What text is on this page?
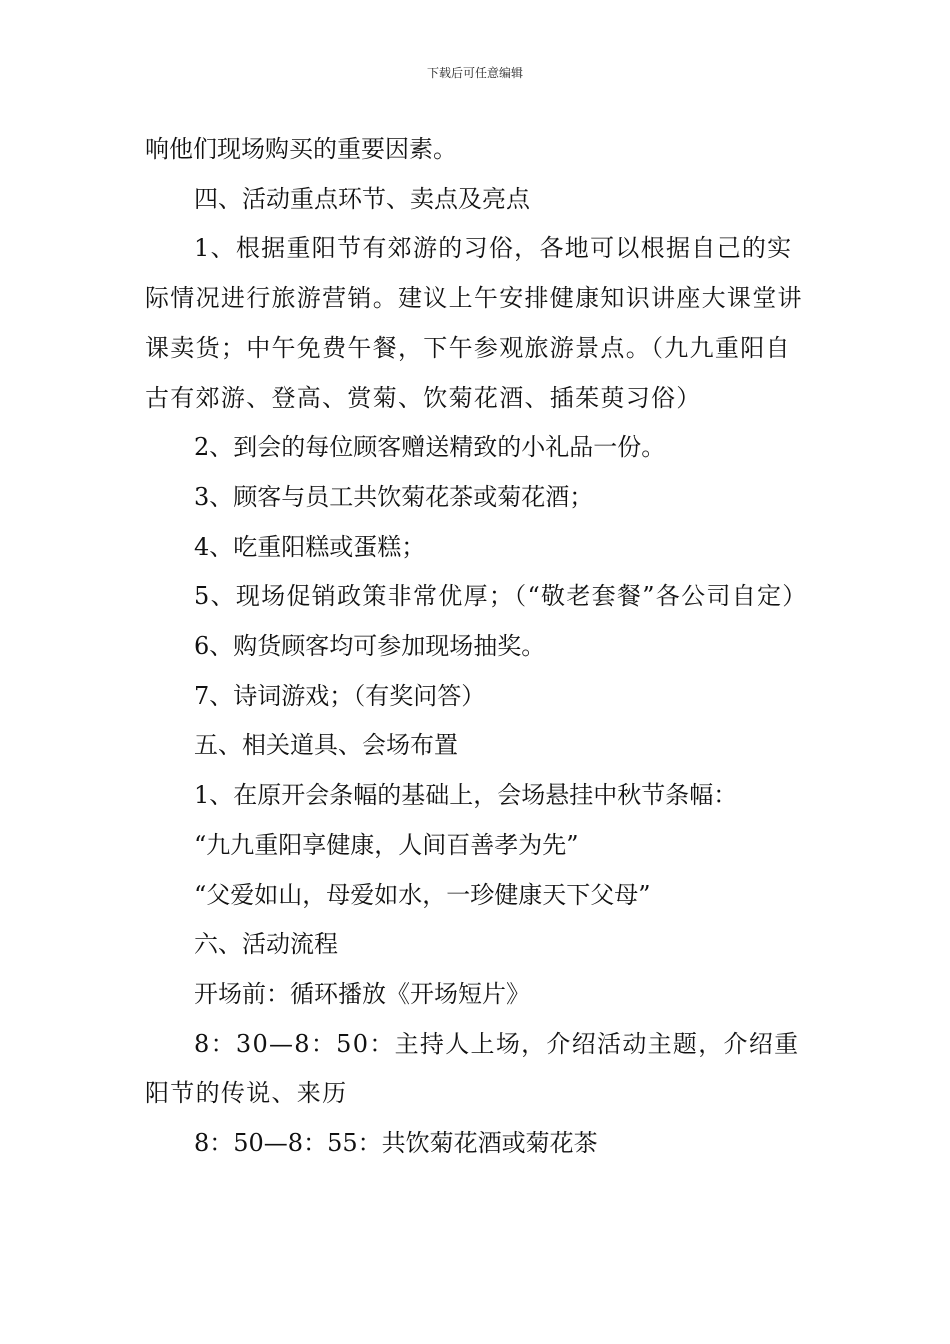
下载后可任意编辑

响他们现场购买的重要因素。

四、活动重点环节、卖点及亮点

1、根据重阳节有郊游的习俗，各地可以根据自己的实际情况进行旅游营销。建议上午安排健康知识讲座大课堂讲课卖货；中午免费午餐，下午参观旅游景点。（九九重阳自古有郊游、登高、赏菊、饮菊花酒、插茱萸习俗）

2、到会的每位顾客赠送精致的小礼品一份。

3、顾客与员工共饮菊花茶或菊花酒；

4、吃重阳糕或蛋糕；

5、现场促销政策非常优厚；（“敬老套餐”各公司自定）

6、购货顾客均可参加现场抽奖。

7、诗词游戏；（有奖问答）

五、相关道具、会场布置

1、在原开会条幅的基础上，会场悬挂中秋节条幅：

“九九重阳享健康，人间百善孝为先”

“父爱如山，母爱如水，一珍健康天下父母”

六、活动流程

开场前：循环播放《开场短片》

8：30—8：50：主持人上场，介绍活动主题，介绍重阳节的传说、来历

8：50—8：55：共饮菊花酒或菊花茶
